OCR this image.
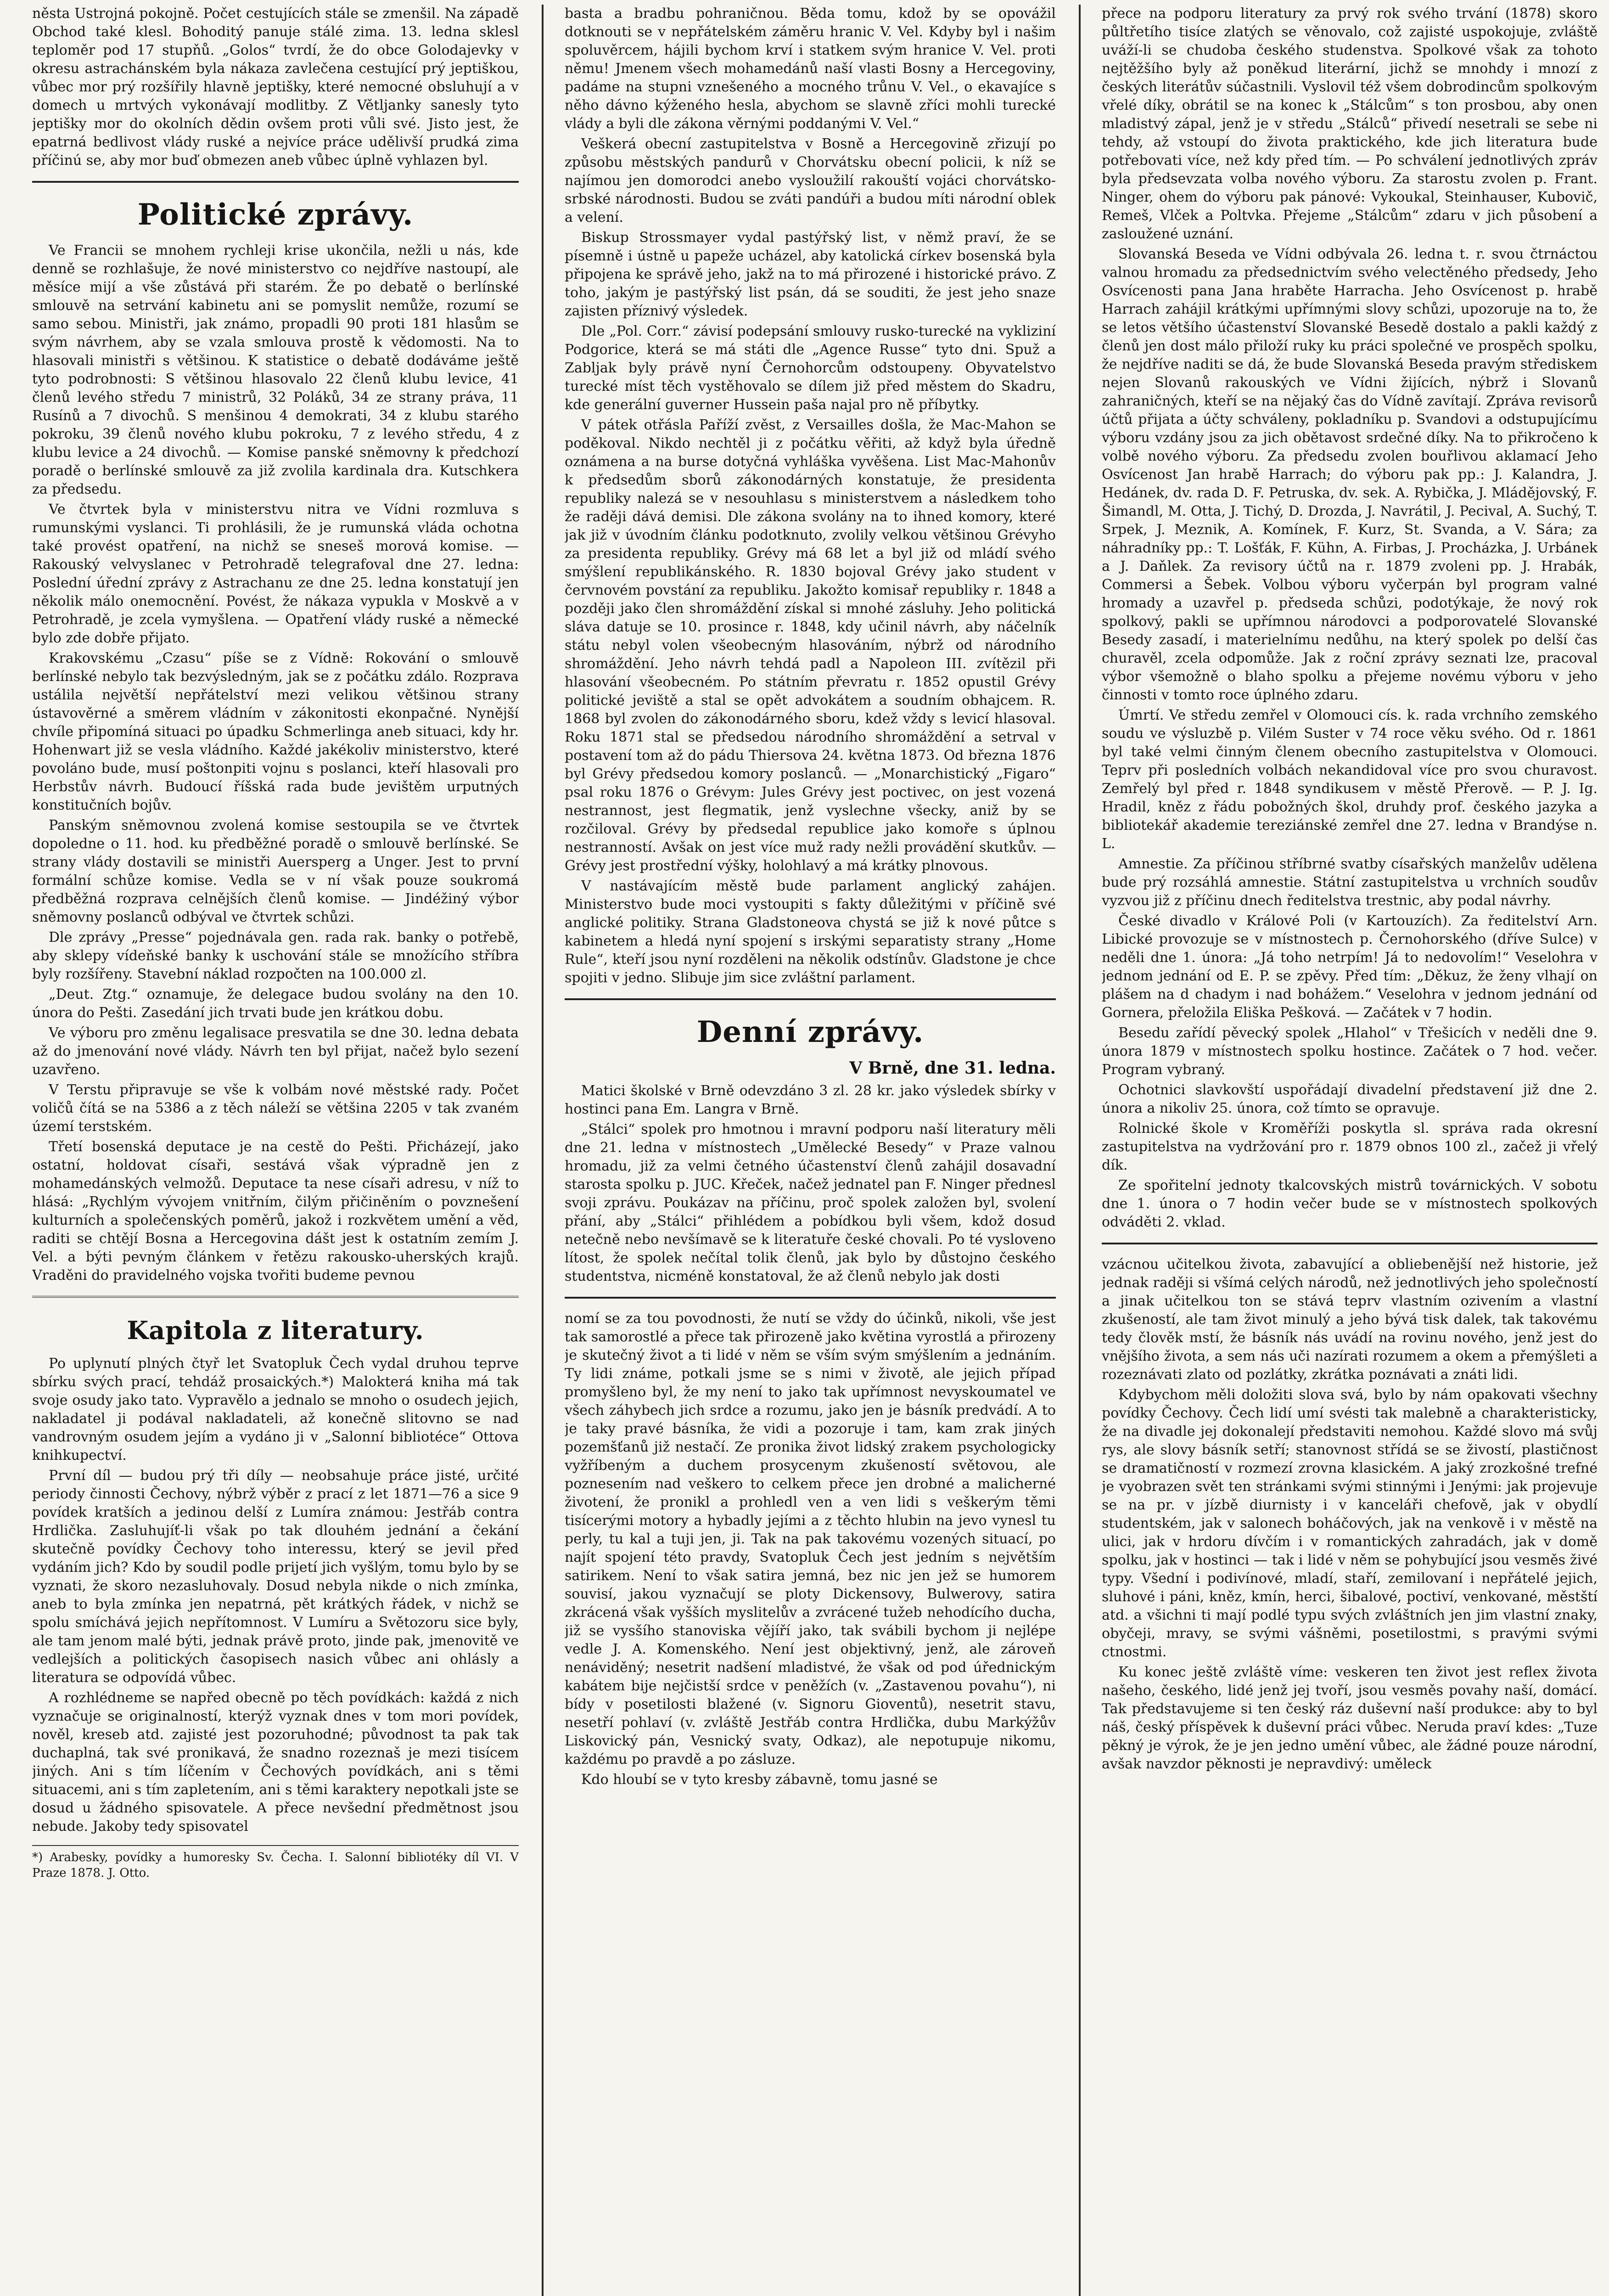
něsta Ustrojná pokojně. Počet cestujících stále se zmenšil. Na západě Obchod také klesl. Bohoditý panuje stálé zima. 13. ledna sklesl teploměr pod 17 stupňů. „Golos“ tvrdí, že do obce Golodajevky v okresu astrachánském byla nákaza zavlečena cestující prý jeptiškou, vůbec mor prý rozšířily hlavně jeptišky, které nemocné obsluhují a v domech u mrtvých vykonávají modlitby. Z Větljanky sanesly tyto jeptišky mor do okolních dědin ovšem proti vůli své. Jisto jest, že epatrná bedlivost vlády ruské a nejvíce práce udělivší prudká zima příčinú se, aby mor buď obmezen aneb vůbec úplně vyhlazen byl.

Politické zprávy.

Ve Francii se mnohem rychleji krise ukončila, nežli u nás, kde denně se rozhlašuje, že nové ministerstvo co nejdříve nastoupí, ale měsíce mijí a vše zůstává při starém. Že po debatě o berlínské smlouvě na setrvání kabinetu ani se pomyslit nemůže, rozumí se samo sebou. Ministři, jak známo, propadli 90 proti 181 hlasům se svým návrhem, aby se vzala smlouva prostě k vědomosti. Na to hlasovali ministři s většinou. K statistice o debatě dodáváme ještě tyto podrobnosti: S většinou hlasovalo 22 členů klubu levice, 41 členů levého středu 7 ministrů, 32 Poláků, 34 ze strany práva, 11 Rusínů a 7 divochů. S menšinou 4 demokrati, 34 z klubu starého pokroku, 39 členů nového klubu pokroku, 7 z levého středu, 4 z klubu levice a 24 divochů. — Komise panské sněmovny k předchozí poradě o berlínské smlouvě za již zvolila kardinala dra. Kutschkera za předsedu.

Ve čtvrtek byla v ministerstvu nitra ve Vídni rozmluva s rumunskými vyslanci. Ti prohlásili, že je rumunská vláda ochotna také provést opatření, na nichž se sneseš morová komise. — Rakouský velvyslanec v Petrohradě telegrafoval dne 27. ledna: Poslední úřední zprávy z Astrachanu ze dne 25. ledna konstatují jen několik málo onemocnění. Povést, že nákaza vypukla v Moskvě a v Petrohradě, je zcela vymyšlena. — Opatření vlády ruské a německé bylo zde dobře přijato.

Krakovskému „Czasu“ píše se z Vídně: Rokování o smlouvě berlínské nebylo tak bezvýsledným, jak se z počátku zdálo. Rozprava ustálila největší nepřátelství mezi velikou většinou strany ústavověrné a směrem vládním v zákonitosti ekonpačné. Nynější chvíle připomíná situaci po úpadku Schmerlinga aneb situaci, kdy hr. Hohenwart již se vesla vládního. Každé jakékoliv ministerstvo, které povoláno bude, musí poštonpiti vojnu s poslanci, kteří hlasovali pro Herbstův návrh. Budoucí říšská rada bude jevištěm urputných konstitučních bojův.

Panským sněmovnou zvolená komise sestoupila se ve čtvrtek dopoledne o 11. hod. ku předběžné poradě o smlouvě berlínské. Se strany vlády dostavili se ministři Auersperg a Unger. Jest to první formální schůze komise. Vedla se v ní však pouze soukromá předběžná rozprava celnějších členů komise. — Jindéžiný výbor sněmovny poslanců odbýval ve čtvrtek schůzi.

Dle zprávy „Presse“ pojednávala gen. rada rak. banky o potřebě, aby sklepy vídeňské banky k uschování stále se množícího stříbra byly rozšířeny. Stavební náklad rozpočten na 100.000 zl.

„Deut. Ztg.“ oznamuje, že delegace budou svolány na den 10. února do Pešti. Zasedání jich trvati bude jen krátkou dobu.

Ve výboru pro změnu legalisace presvatila se dne 30. ledna debata až do jmenování nové vlády. Návrh ten byl přijat, načež bylo sezení uzavřeno.

V Terstu připravuje se vše k volbám nové městské rady. Počet voličů čítá se na 5386 a z těch náleží se většina 2205 v tak zvaném území terstském.

Třetí bosenská deputace je na cestě do Pešti. Přicházejí, jako ostatní, holdovat císaři, sestává však výpradně jen z mohamedánských velmožů. Deputace ta nese císaři adresu, v níž to hlásá: „Rychlým vývojem vnitřním, čilým přičiněním o povznešení kulturních a společenských poměrů, jakož i rozkvětem umění a věd, raditi se chtějí Bosna a Hercegovina dášt jest k ostatním zemím J. Vel. a býti pevným článkem v řetězu rakousko-uherských krajů. Vraděni do pravidelného vojska tvořiti budeme pevnou

Kapitola z literatury.

Po uplynutí plných čtyř let Svatopluk Čech vydal druhou teprve sbírku svých prací, tehdáž prosaických.*) Malokterá kniha má tak svoje osudy jako tato. Vypravělo a jednalo se mnoho o osudech jejich, nakladatel ji podával nakladateli, až konečně slitovno se nad vandrovným osudem jejím a vydáno ji v „Salonní bibliotéce“ Ottova knihkupectví.

První díl — budou prý tři díly — neobsahuje práce jisté, určité periody činnosti Čechovy, nýbrž výběr z prací z let 1871—76 a sice 9 povídek kratších a jedinou delší z Lumíra známou: Jestřáb contra Hrdlička. Zasluhujíť-li však po tak dlouhém jednání a čekání skutečně povídky Čechovy toho interessu, který se jevil před vydáním jich? Kdo by soudil podle prijetí jich vyšlým, tomu bylo by se vyznati, že skoro nezasluhovaly. Dosud nebyla nikde o nich zmínka, aneb to byla zmínka jen nepatrná, pět krátkých řádek, v nichž se spolu smíchává jejich nepřítomnost. V Lumíru a Světozoru sice byly, ale tam jenom malé býti, jednak právě proto, jinde pak, jmenovitě ve vedlejších a politických časopisech nasich vůbec ani ohlásly a literatura se odpovídá vůbec.

A rozhlédneme se napřed obecně po těch povídkách: každá z nich vyznačuje se originalností, kterýž vyznak dnes v tom mori povídek, nověl, kreseb atd. zajisté jest pozoruhodné; původnost ta pak tak duchaplná, tak své pronikavá, že snadno rozeznaš je mezi tisícem jiných. Ani s tím líčením v Čechových povídkách, ani s těmi situacemi, ani s tím zapletením, ani s těmi karaktery nepotkali jste se dosud u žádného spisovatele. A přece nevšední předmětnost jsou nebude. Jakoby tedy spisovatel

*) Arabesky, povídky a humoresky Sv. Čecha. I. Salonní bibliotéky díl VI. V Praze 1878. J. Otto.

basta a bradbu pohraničnou. Běda tomu, kdož by se opovážil dotknouti se v nepřátelském záměru hranic V. Vel. Kdyby byl i našim spoluvěrcem, hájili bychom krví i statkem svým hranice V. Vel. proti němu! Jmenem všech mohamedánů naší vlasti Bosny a Hercegoviny, padáme na stupni vznešeného a mocného trůnu V. Vel., o ekavajíce s něho dávno kýženého hesla, abychom se slavně zříci mohli turecké vlády a byli dle zákona věrnými poddanými V. Vel.“

Veškerá obecní zastupitelstva v Bosně a Hercegovině zřizují po způsobu městských pandurů v Chorvátsku obecní policii, k níž se najímou jen domorodci anebo vysloužilí rakouští vojáci chorvátsko-srbské národnosti. Budou se zváti pandúři a budou míti národní oblek a velení.

Biskup Strossmayer vydal pastýřský list, v němž praví, že se písemně i ústně u papeže ucházel, aby katolická církev bosenská byla připojena ke správě jeho, jakž na to má přirozené i historické právo. Z toho, jakým je pastýřský list psán, dá se souditi, že jest jeho snaze zajisten příznivý výsledek.

Dle „Pol. Corr.“ závisí podepsání smlouvy rusko-turecké na vykliziní Podgorice, která se má státi dle „Agence Russe“ tyto dni. Spuž a Zabljak byly právě nyní Černohorcům odstoupeny. Obyvatelstvo turecké míst těch vystěhovalo se dílem již před městem do Skadru, kde generální guverner Hussein paša najal pro ně příbytky.

V pátek otřásla Paříží zvěst, z Versailles došla, že Mac-Mahon se poděkoval. Nikdo nechtěl ji z počátku věřiti, až když byla úředně oznámena a na burse dotyčná vyhláška vyvěšena. List Mac-Mahonův k předsedům sborů zákonodárných konstatuje, že presidenta republiky nalezá se v nesouhlasu s ministerstvem a následkem toho že raději dává demisi. Dle zákona svolány na to ihned komory, které jak již v úvodním článku podotknuto, zvolily velkou většinou Grévyho za presidenta republiky. Grévy má 68 let a byl již od mládí svého smýšlení republikánského. R. 1830 bojoval Grévy jako student v červnovém povstání za republiku. Jakožto komisař republiky r. 1848 a později jako člen shromáždění získal si mnohé zásluhy. Jeho politická sláva datuje se 10. prosince r. 1848, kdy učinil návrh, aby náčelník státu nebyl volen všeobecným hlasováním, nýbrž od národního shromáždění. Jeho návrh tehdá padl a Napoleon III. zvítězil při hlasování všeobecném. Po státním převratu r. 1852 opustil Grévy politické jeviště a stal se opět advokátem a soudním obhajcem. R. 1868 byl zvolen do zákonodárného sboru, kdež vždy s levicí hlasoval. Roku 1871 stal se předsedou národního shromáždění a setrval v postavení tom až do pádu Thiersova 24. května 1873. Od března 1876 byl Grévy předsedou komory poslanců. — „Monarchistický „Figaro“ psal roku 1876 o Grévym: Jules Grévy jest poctivec, on jest vozená nestrannost, jest flegmatik, jenž vyslechne všecky, aniž by se rozčiloval. Grévy by předsedal republice jako komoře s úplnou nestranností. Avšak on jest více muž rady nežli provádění skutkův. — Grévy jest prostřední výšky, holohlavý a má krátky plnovous.

V nastávajícím městě bude parlament anglický zahájen. Ministerstvo bude moci vystoupiti s fakty důležitými v příčině své anglické politiky. Strana Gladstoneova chystá se již k nové půtce s kabinetem a hledá nyní spojení s irskými separatisty strany „Home Rule“, kteří jsou nyní rozděleni na několik odstínův. Gladstone je chce spojiti v jedno. Slibuje jim sice zvláštní parlament.

Denní zprávy.
V Brně, dne 31. ledna.

Matici školské v Brně odevzdáno 3 zl. 28 kr. jako výsledek sbírky v hostinci pana Em. Langra v Brně.

„Stálci“ spolek pro hmotnou i mravní podporu naší literatury měli dne 21. ledna v místnostech „Umělecké Besedy“ v Praze valnou hromadu, již za velmi četného účastenství členů zahájil dosavadní starosta spolku p. JUC. Křeček, načež jednatel pan F. Ninger přednesl svoji zprávu. Poukázav na příčinu, proč spolek založen byl, svolení přání, aby „Stálci“ přihlédem a pobídkou byli všem, kdož dosud netečně nebo nevšímavě se k literatuře české chovali. Po té vysloveno lítost, že spolek nečítal tolik členů, jak bylo by důstojno českého studentstva, nicméně konstatoval, že až členů nebylo jak dosti

nomí se za tou povodnosti, že nutí se vždy do účinků, nikoli, vše jest tak samorostlé a přece tak přirozeně jako květina vyrostlá a přirozeny je skutečný život a ti lidé v něm se vším svým smýšlením a jednáním. Ty lidi známe, potkali jsme se s nimi v životě, ale jejich případ promyšleno byl, že my není to jako tak upřímnost nevyskoumatel ve všech záhybech jich srdce a rozumu, jako jen je básník predvádí. A to je taky pravé básníka, že vidi a pozoruje i tam, kam zrak jiných pozemšťanů již nestačí. Ze pronika život lidský zrakem psychologicky vyžříbeným a duchem prosycenym zkušeností světovou, ale poznesením nad veškero to celkem přece jen drobné a malicherné životení, že pronikl a prohledl ven a ven lidi s veškerým těmi tisícerými motory a hybadly jejími a z těchto hlubin na jevo vynesl tu perly, tu kal a tuji jen, ji. Tak na pak takovému vozených situací, po najít spojení této pravdy, Svatopluk Čech jest jedním s největším satirikem. Není to však satira jemná, bez nic jen jež se humorem souvisí, jakou vyznačují se ploty Dickensovy, Bulwerovy, satira zkrácená však vyšších myslitelův a zvrácené tužeb nehodícího ducha, již se vysšího stanoviska vějíří jako, tak svábili bychom ji nejlépe vedle J. A. Komenského. Není jest objektivný, jenž, ale zároveň nenáviděný; nesetrit nadšení mladistvé, že však od pod úřednickým kabátem bije nejčistší srdce v peněžích (v. „Zastavenou povahu“), ni bídy v posetilosti blažené (v. Signoru Gioventů), nesetrit stavu, nesetří pohlaví (v. zvláště Jestřáb contra Hrdlička, dubu Markýžův Liskovický pán, Vesnický svaty, Odkaz), ale nepotupuje nikomu, každému po pravdě a po zásluze.

Kdo hloubí se v tyto kresby zábavně, tomu jasné se

přece na podporu literatury za prvý rok svého trvání (1878) skoro půltřetího tisíce zlatých se věnovalo, což zajisté uspokojuje, zvláště uváží-li se chudoba českého studenstva. Spolkové však za tohoto nejtěžšího byly až poněkud literární, jichž se mnohdy i mnozí z českých literátův súčastnili. Vyslovil též všem dobrodincům spolkovým vřelé díky, obrátil se na konec k „Stálcům“ s ton prosbou, aby onen mladistvý zápal, jenž je v středu „Stálců“ přivedí nesetrali se sebe ni tehdy, až vstoupí do života praktického, kde jich literatura bude potřebovati více, než kdy před tím. — Po schválení jednotlivých zpráv byla předsevzata volba nového výboru. Za starostu zvolen p. Frant. Ninger, ohem do výboru pak pánové: Vykoukal, Steinhauser, Kubovič, Remeš, Vlček a Poltvka. Přejeme „Stálcům“ zdaru v jich působení a zasloužené uznání.

Slovanská Beseda ve Vídni odbývala 26. ledna t. r. svou čtrnáctou valnou hromadu za předsednictvím svého velectěného předsedy, Jeho Osvícenosti pana Jana hraběte Harracha. Jeho Osvícenost p. hrabě Harrach zahájil krátkými upřímnými slovy schůzi, upozoruje na to, že se letos většího účastenství Slovanské Besedě dostalo a pakli každý z členů jen dost málo přiloží ruky ku práci společné ve prospěch spolku, že nejdříve naditi se dá, že bude Slovanská Beseda pravým střediskem nejen Slovanů rakouských ve Vídni žijících, nýbrž i Slovanů zahraničných, kteří se na nějaký čas do Vídně zavítají. Zpráva revisorů účtů přijata a účty schváleny, pokladníku p. Svandovi a odstupujícímu výboru vzdány jsou za jich obětavost srdečné díky. Na to přikročeno k volbě nového výboru. Za předsedu zvolen bouřlivou aklamací Jeho Osvícenost Jan hrabě Harrach; do výboru pak pp.: J. Kalandra, J. Hedánek, dv. rada D. F. Petruska, dv. sek. A. Rybička, J. Mládějovský, F. Šimandl, M. Otta, J. Tichý, D. Drozda, J. Navrátil, J. Pecival, A. Suchý, T. Srpek, J. Meznik, A. Komínek, F. Kurz, St. Svanda, a V. Sára; za náhradníky pp.: T. Lošťák, F. Kühn, A. Firbas, J. Procházka, J. Urbánek a J. Daňlek. Za revisory účtů na r. 1879 zvoleni pp. J. Hrabák, Commersi a Šebek. Volbou výboru vyčerpán byl program valné hromady a uzavřel p. předseda schůzi, podotýkaje, že nový rok spolkový, pakli se upřímnou národovci a podporovatelé Slovanské Besedy zasadí, i materielnímu nedůhu, na který spolek po delší čas churavěl, zcela odpomůže. Jak z roční zprávy seznati lze, pracoval výbor všemožně o blaho spolku a přejeme novému výboru v jeho činnosti v tomto roce úplného zdaru.

Úmrtí. Ve středu zemřel v Olomouci cís. k. rada vrchního zemského soudu ve výsluzbě p. Vilém Suster v 74 roce věku svého. Od r. 1861 byl také velmi činným členem obecního zastupitelstva v Olomouci. Teprv při posledních volbách nekandidoval více pro svou churavost. Zemřelý byl před r. 1848 syndikusem v městě Přerově. — P. J. Ig. Hradil, kněz z řádu pobožných škol, druhdy prof. českého jazyka a bibliotekář akademie tereziánské zemřel dne 27. ledna v Brandýse n. L.

Amnestie. Za příčinou stříbrné svatby císařských manželův udělena bude prý rozsáhlá amnestie. Státní zastupitelstva u vrchních soudův vyzvou již z příčinu dnech ředitelstva trestnic, aby podal návrhy.

České divadlo v Králové Poli (v Kartouzích). Za ředitelství Arn. Libické provozuje se v místnostech p. Černohorského (dříve Sulce) v neděli dne 1. února: „Já toho netrpím! Já to nedovolím!“ Veselohra v jednom jednání od E. P. se zpěvy. Před tím: „Děkuz, že ženy vlhají on plášem na d chadym i nad bohážem.“ Veselohra v jednom jednání od Gornera, přeložila Eliška Pešková. — Začátek v 7 hodin.

Besedu zařídí pěvecký spolek „Hlahol“ v Třešicích v neděli dne 9. února 1879 v místnostech spolku hostince. Začátek o 7 hod. večer. Program vybraný.

Ochotnici slavkovští uspořádají divadelní představení již dne 2. února a nikoliv 25. února, což tímto se opravuje.

Rolnické škole v Kroměříži poskytla sl. správa rada okresní zastupitelstva na vydržování pro r. 1879 obnos 100 zl., začež ji vřelý dík.

Ze spořitelní jednoty tkalcovských mistrů továrnických. V sobotu dne 1. února o 7 hodin večer bude se v místnostech spolkových odváděti 2. vklad.

vzácnou učitelkou života, zabavující a obliebenější než historie, jež jednak raději si všímá celých národů, než jednotlivých jeho společností a jinak učitelkou ton se stává teprv vlastním ozivením a vlastní zkušeností, ale tam život minulý a jeho bývá tisk dalek, tak takovému tedy člověk mstí, že básník nás uvádí na rovinu nového, jenž jest do vnějšího života, a sem nás uči nazírati rozumem a okem a přemýšleti a rozeznávati zlato od pozlátky, zkrátka poznávati a znáti lidi.

Kdybychom měli doložiti slova svá, bylo by nám opakovati všechny povídky Čechovy. Čech lidí umí svésti tak malebně a charakteristicky, že na divadle jej dokonalejí představiti nemohou. Každé slovo má svůj rys, ale slovy básník setří; stanovnost střídá se se živostí, plastičnost se dramatičností v rozmezí zrovna klasickém. A jaký zrozkošné trefné je vyobrazen svět ten stránkami svými stinnými i Jenými: jak projevuje se na pr. v jízbě diurnisty i v kanceláři chefově, jak v obydlí studentském, jak v salonech boháčových, jak na venkově i v městě na ulici, jak v hrdoru dívčím i v romantických zahradách, jak v domě spolku, jak v hostinci — tak i lidé v něm se pohybující jsou vesměs živé typy. Všední i podivínové, mladí, staří, zemilovaní i nepřátelé jejich, sluhové i páni, kněz, kmín, herci, šibalové, poctiví, venkované, městští atd. a všichni ti mají podlé typu svých zvláštních jen jim vlastní znaky, obyčeji, mravy, se svými vášněmi, posetilostmi, s pravými svými ctnostmi.

Ku konec ještě zvláště víme: veskeren ten život jest reflex života našeho, českého, lidé jenž jej tvoří, jsou vesměs povahy naší, domácí. Tak představujeme si ten český ráz duševní naší produkce: aby to byl náš, český příspěvek k duševní práci vůbec. Neruda praví kdes: „Tuze pěkný je výrok, že je jen jedno umění vůbec, ale žádné pouze národní, avšak navzdor pěknosti je nepravdivý: uměleck
